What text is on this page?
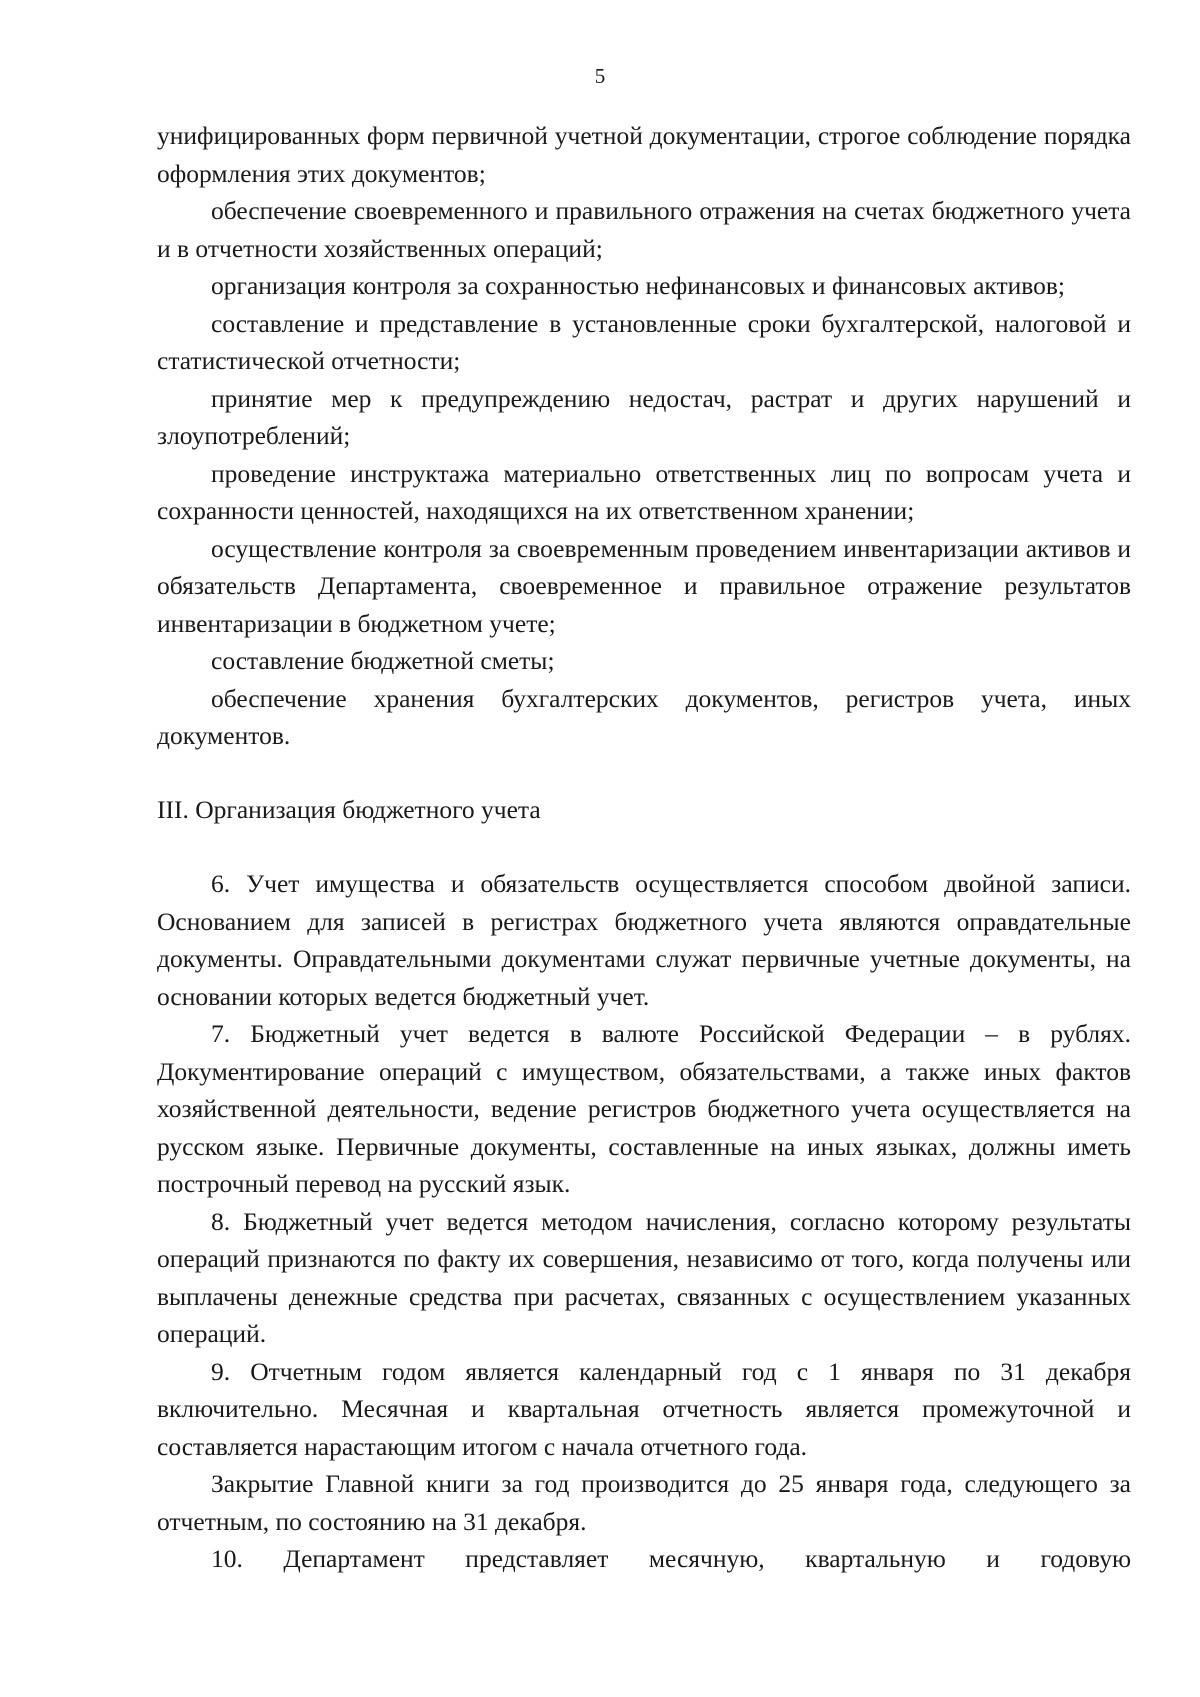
5

унифицированных форм первичной учетной документации, строгое соблюдение порядка оформления этих документов;

обеспечение своевременного и правильного отражения на счетах бюджетного учета и в отчетности хозяйственных операций;

организация контроля за сохранностью нефинансовых и финансовых активов;

составление и представление в установленные сроки бухгалтерской, налоговой и статистической отчетности;

принятие мер к предупреждению недостач, растрат и других нарушений и злоупотреблений;

проведение инструктажа материально ответственных лиц по вопросам учета и сохранности ценностей, находящихся на их ответственном хранении;

осуществление контроля за своевременным проведением инвентаризации активов и обязательств Департамента, своевременное и правильное отражение результатов инвентаризации в бюджетном учете;

составление бюджетной сметы;

обеспечение хранения бухгалтерских документов, регистров учета, иных документов.

III. Организация бюджетного учета

6. Учет имущества и обязательств осуществляется способом двойной записи. Основанием для записей в регистрах бюджетного учета являются оправдательные документы. Оправдательными документами служат первичные учетные документы, на основании которых ведется бюджетный учет.

7. Бюджетный учет ведется в валюте Российской Федерации – в рублях. Документирование операций с имуществом, обязательствами, а также иных фактов хозяйственной деятельности, ведение регистров бюджетного учета осуществляется на русском языке. Первичные документы, составленные на иных языках, должны иметь построчный перевод на русский язык.

8. Бюджетный учет ведется методом начисления, согласно которому результаты операций признаются по факту их совершения, независимо от того, когда получены или выплачены денежные средства при расчетах, связанных с осуществлением указанных операций.

9. Отчетным годом является календарный год с 1 января по 31 декабря включительно. Месячная и квартальная отчетность является промежуточной и составляется нарастающим итогом с начала отчетного года.

Закрытие Главной книги за год производится до 25 января года, следующего за отчетным, по состоянию на 31 декабря.

10. Департамент представляет месячную, квартальную и годовую
